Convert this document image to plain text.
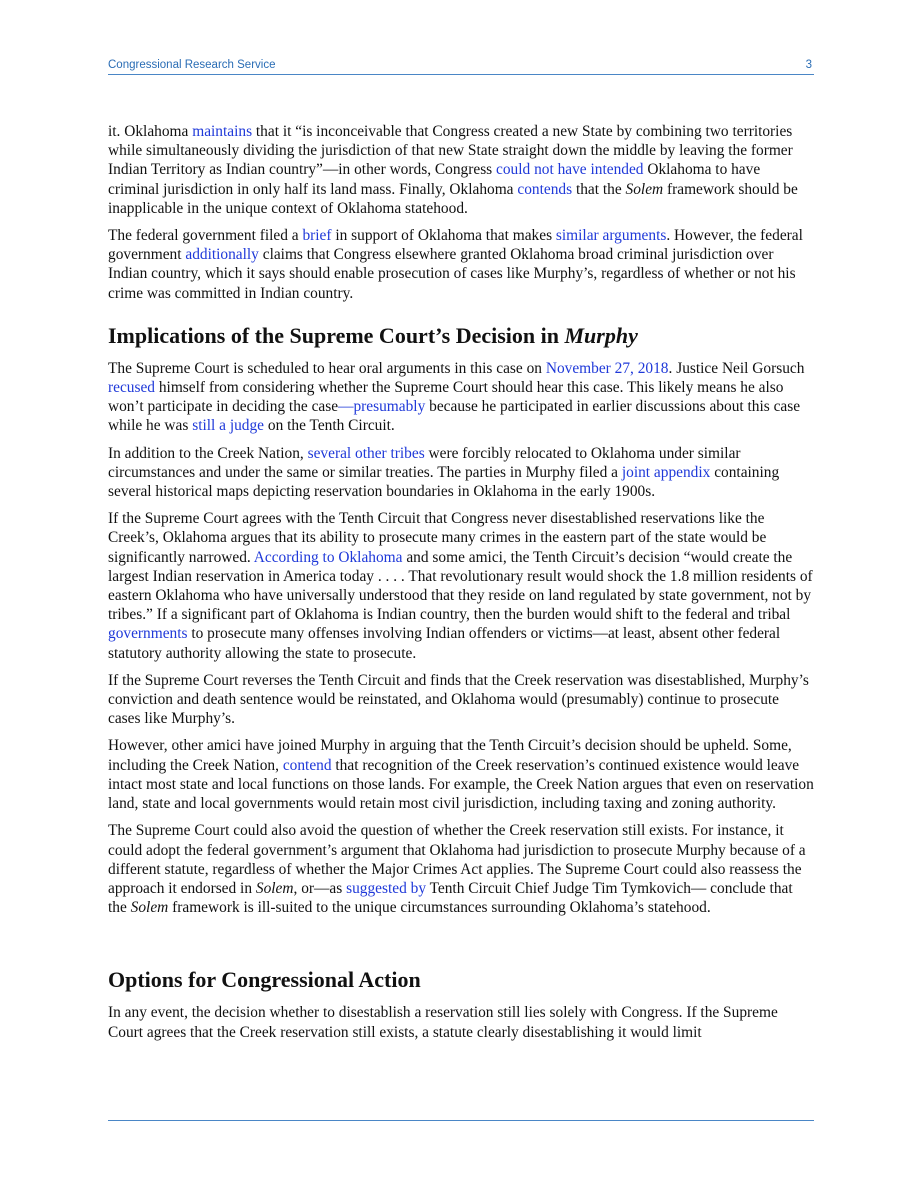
Congressional Research Service	3

it. Oklahoma maintains that it “is inconceivable that Congress created a new State by combining two territories while simultaneously dividing the jurisdiction of that new State straight down the middle by leaving the former Indian Territory as Indian country”—in other words, Congress could not have intended Oklahoma to have criminal jurisdiction in only half its land mass. Finally, Oklahoma contends that the Solem framework should be inapplicable in the unique context of Oklahoma statehood.

The federal government filed a brief in support of Oklahoma that makes similar arguments. However, the federal government additionally claims that Congress elsewhere granted Oklahoma broad criminal jurisdiction over Indian country, which it says should enable prosecution of cases like Murphy’s, regardless of whether or not his crime was committed in Indian country.

Implications of the Supreme Court’s Decision in Murphy

The Supreme Court is scheduled to hear oral arguments in this case on November 27, 2018. Justice Neil Gorsuch recused himself from considering whether the Supreme Court should hear this case. This likely means he also won’t participate in deciding the case—presumably because he participated in earlier discussions about this case while he was still a judge on the Tenth Circuit.

In addition to the Creek Nation, several other tribes were forcibly relocated to Oklahoma under similar circumstances and under the same or similar treaties. The parties in Murphy filed a joint appendix containing several historical maps depicting reservation boundaries in Oklahoma in the early 1900s.

If the Supreme Court agrees with the Tenth Circuit that Congress never disestablished reservations like the Creek’s, Oklahoma argues that its ability to prosecute many crimes in the eastern part of the state would be significantly narrowed. According to Oklahoma and some amici, the Tenth Circuit’s decision “would create the largest Indian reservation in America today . . . . That revolutionary result would shock the 1.8 million residents of eastern Oklahoma who have universally understood that they reside on land regulated by state government, not by tribes.” If a significant part of Oklahoma is Indian country, then the burden would shift to the federal and tribal governments to prosecute many offenses involving Indian offenders or victims—at least, absent other federal statutory authority allowing the state to prosecute.

If the Supreme Court reverses the Tenth Circuit and finds that the Creek reservation was disestablished, Murphy’s conviction and death sentence would be reinstated, and Oklahoma would (presumably) continue to prosecute cases like Murphy’s.

However, other amici have joined Murphy in arguing that the Tenth Circuit’s decision should be upheld. Some, including the Creek Nation, contend that recognition of the Creek reservation’s continued existence would leave intact most state and local functions on those lands. For example, the Creek Nation argues that even on reservation land, state and local governments would retain most civil jurisdiction, including taxing and zoning authority.

The Supreme Court could also avoid the question of whether the Creek reservation still exists. For instance, it could adopt the federal government’s argument that Oklahoma had jurisdiction to prosecute Murphy because of a different statute, regardless of whether the Major Crimes Act applies. The Supreme Court could also reassess the approach it endorsed in Solem, or—as suggested by Tenth Circuit Chief Judge Tim Tymkovich— conclude that the Solem framework is ill-suited to the unique circumstances surrounding Oklahoma’s statehood.

Options for Congressional Action

In any event, the decision whether to disestablish a reservation still lies solely with Congress. If the Supreme Court agrees that the Creek reservation still exists, a statute clearly disestablishing it would limit
